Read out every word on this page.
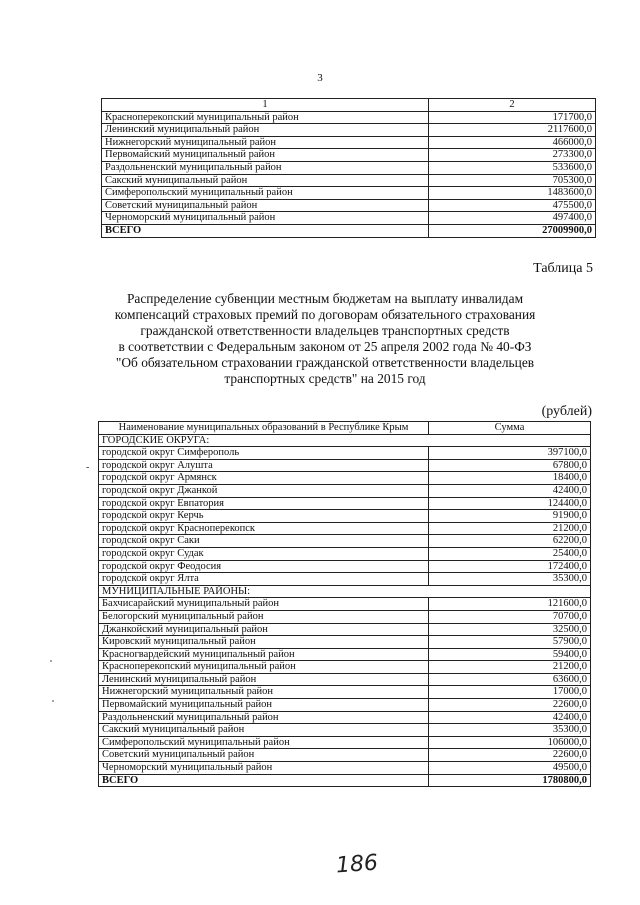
3
1	2
Красноперекопский муниципальный район	171700,0
Ленинский муниципальный район	2117600,0
Нижнегорский муниципальный район	466000,0
Первомайский муниципальный район	273300,0
Раздольненский муниципальный район	533600,0
Сакский муниципальный район	705300,0
Симферопольский муниципальный район	1483600,0
Советский муниципальный район	475500,0
Черноморский муниципальный район	497400,0
ВСЕГО	27009900,0
Таблица 5
Распределение субвенции местным бюджетам на выплату инвалидам
компенсаций страховых премий по договорам обязательного страхования
гражданской ответственности владельцев транспортных средств
в соответствии с Федеральным законом от 25 апреля 2002 года № 40-ФЗ
"Об обязательном страховании гражданской ответственности владельцев
транспортных средств" на 2015 год
(рублей)
Наименование муниципальных образований в Республике Крым	Сумма
ГОРОДСКИЕ ОКРУГА:	
городской округ Симферополь	397100,0
городской округ Алушта	67800,0
городской округ Армянск	18400,0
городской округ Джанкой	42400,0
городской округ Евпатория	124400,0
городской округ Керчь	91900,0
городской округ Красноперекопск	21200,0
городской округ Саки	62200,0
городской округ Судак	25400,0
городской округ Феодосия	172400,0
городской округ Ялта	35300,0
МУНИЦИПАЛЬНЫЕ РАЙОНЫ:	
Бахчисарайский муниципальный район	121600,0
Белогорский муниципальный район	70700,0
Джанкойский муниципальный район	32500,0
Кировский муниципальный район	57900,0
Красногвардейский муниципальный район	59400,0
Красноперекопский муниципальный район	21200,0
Ленинский муниципальный район	63600,0
Нижнегорский муниципальный район	17000,0
Первомайский муниципальный район	22600,0
Раздольненский муниципальный район	42400,0
Сакский муниципальный район	35300,0
Симферопольский муниципальный район	106000,0
Советский муниципальный район	22600,0
Черноморский муниципальный район	49500,0
ВСЕГО	1780800,0
-
186
